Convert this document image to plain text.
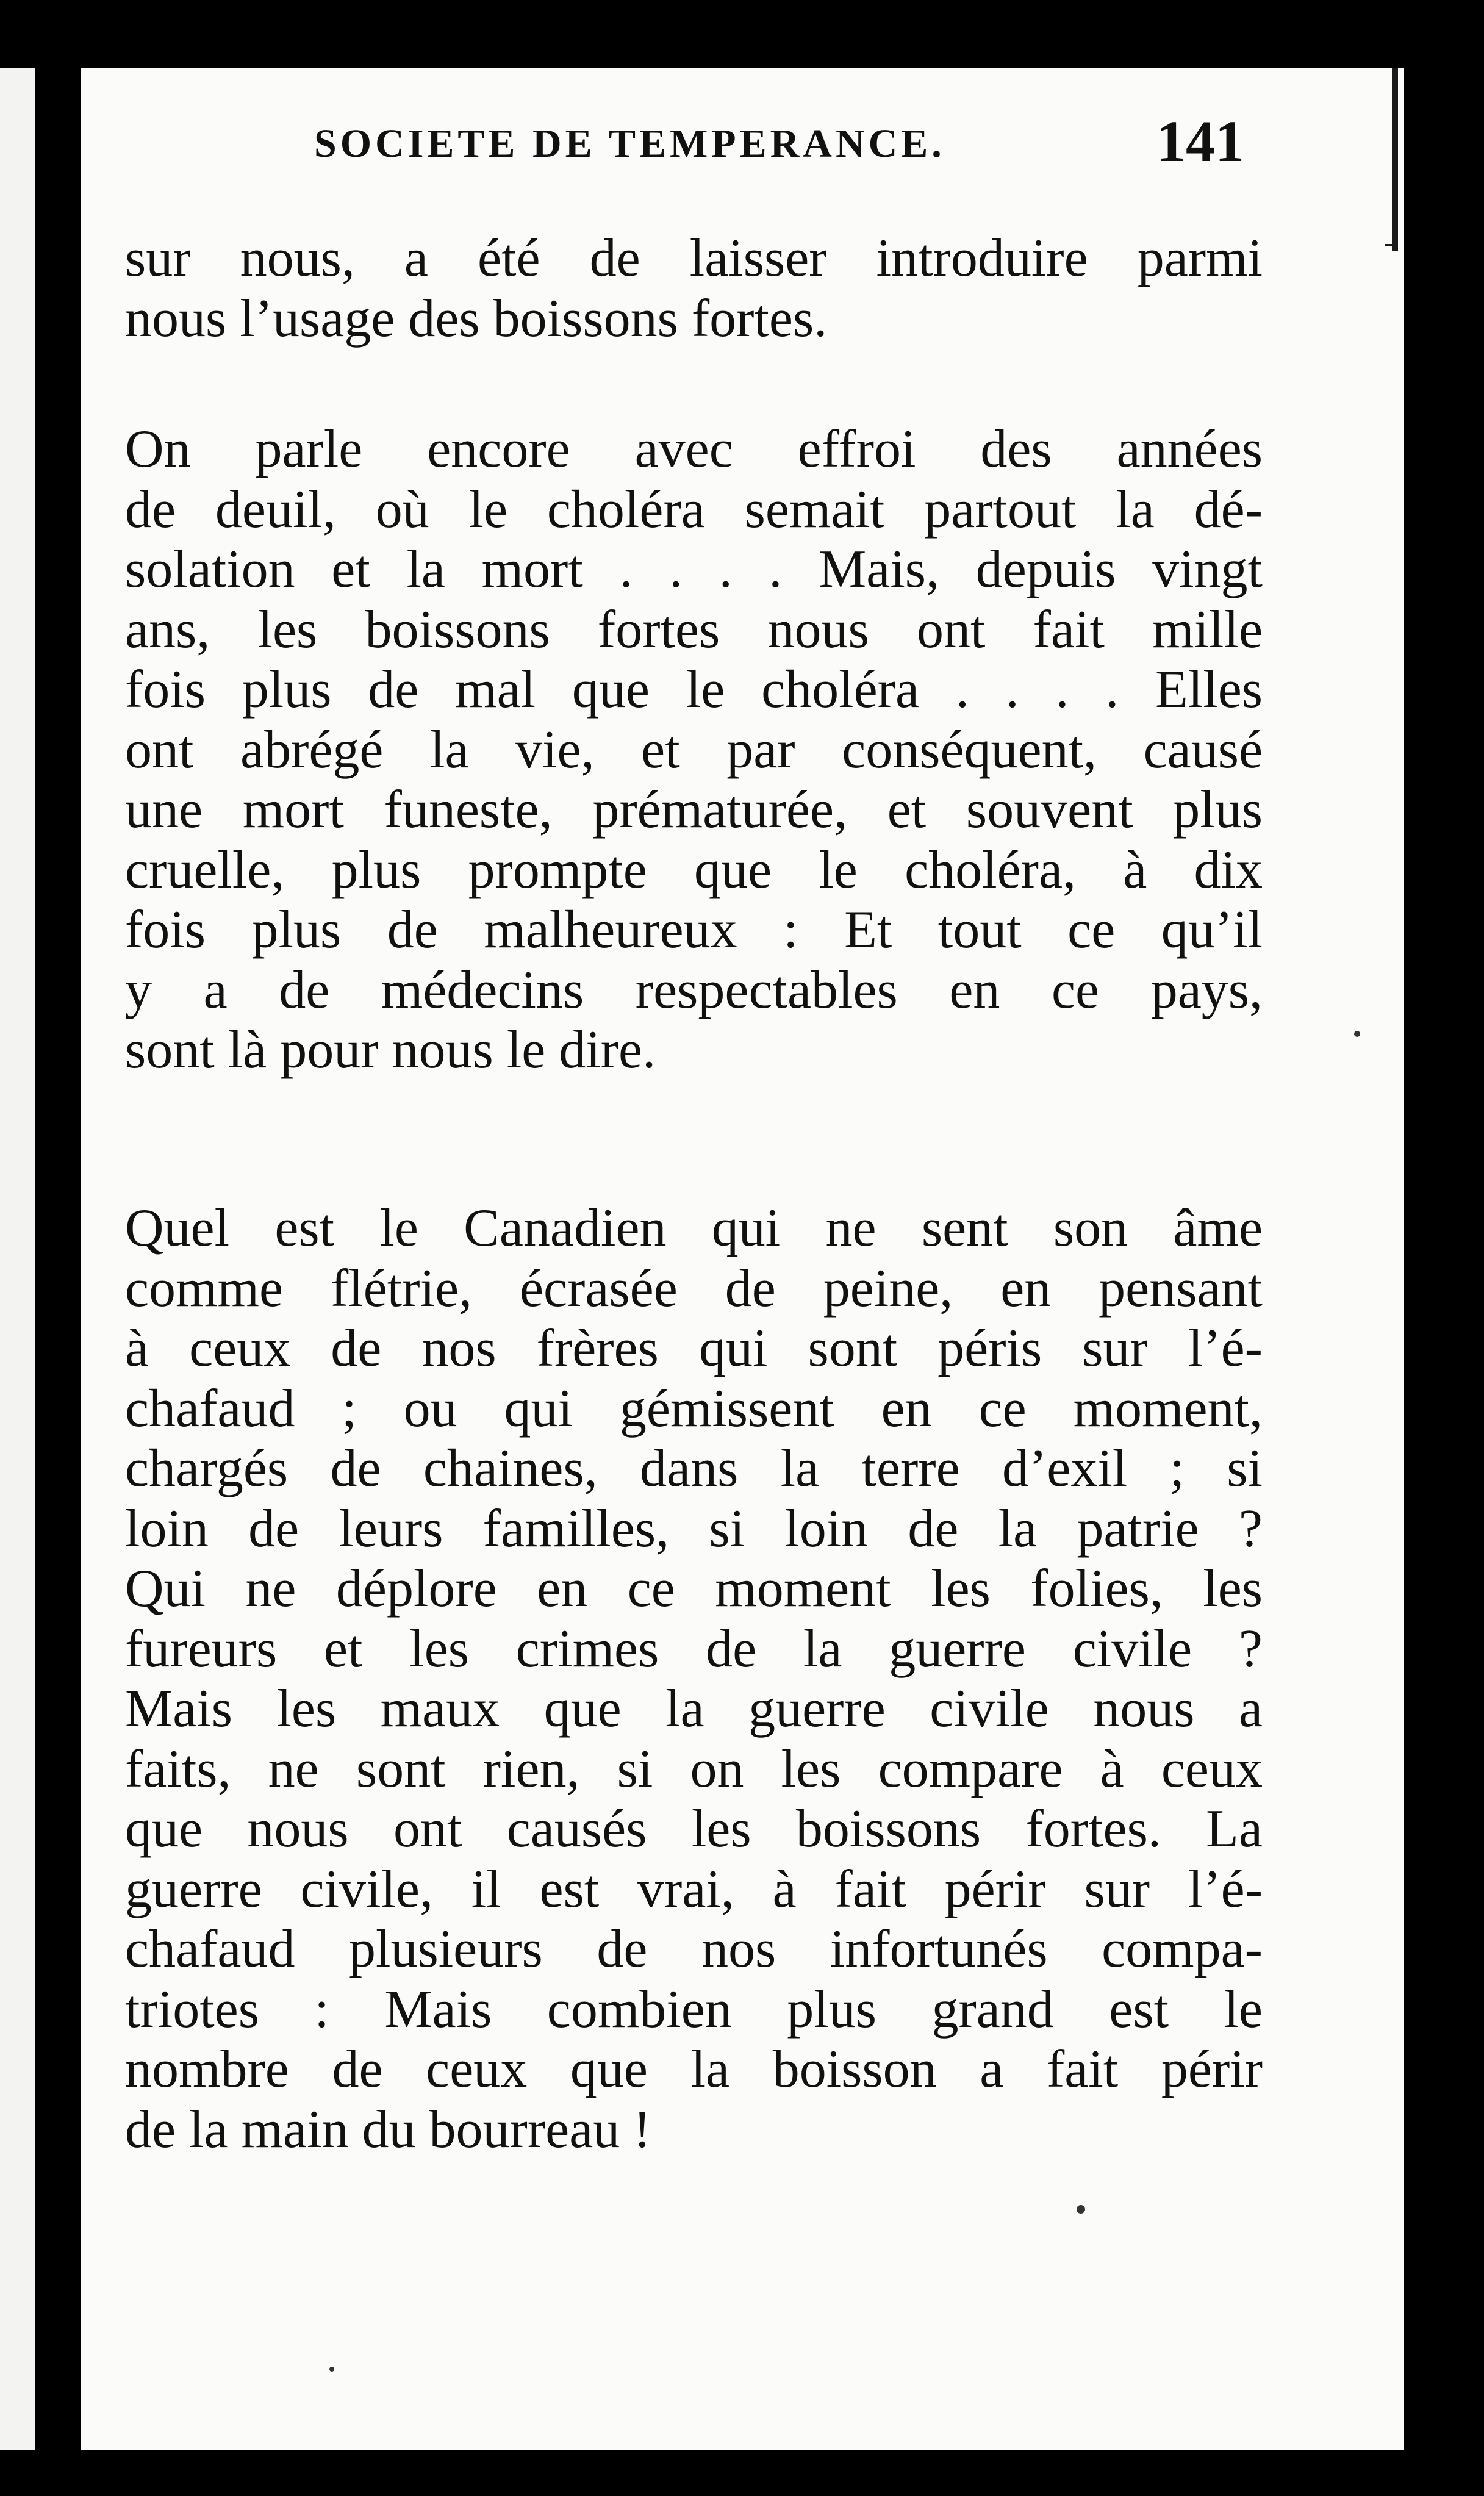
SOCIETE DE TEMPERANCE.	141
sur nous, a été de laisser introduire parmi
nous l’usage des boissons fortes.
On parle encore avec effroi des années
de deuil, où le choléra semait partout la dé-
solation et la mort . . . . Mais, depuis vingt
ans, les boissons fortes nous ont fait mille
fois plus de mal que le choléra . . . . Elles
ont abrégé la vie, et par conséquent, causé
une mort funeste, prématurée, et souvent plus
cruelle, plus prompte que le choléra, à dix
fois plus de malheureux : Et tout ce qu’il
y a de médecins respectables en ce pays,
sont là pour nous le dire.
Quel est le Canadien qui ne sent son âme
comme flétrie, écrasée de peine, en pensant
à ceux de nos frères qui sont péris sur l’é-
chafaud ; ou qui gémissent en ce moment,
chargés de chaines, dans la terre d’exil ; si
loin de leurs familles, si loin de la patrie ?
Qui ne déplore en ce moment les folies, les
fureurs et les crimes de la guerre civile ?
Mais les maux que la guerre civile nous a
faits, ne sont rien, si on les compare à ceux
que nous ont causés les boissons fortes. La
guerre civile, il est vrai, à fait périr sur l’é-
chafaud plusieurs de nos infortunés compa-
triotes : Mais combien plus grand est le
nombre de ceux que la boisson a fait périr
de la main du bourreau !
